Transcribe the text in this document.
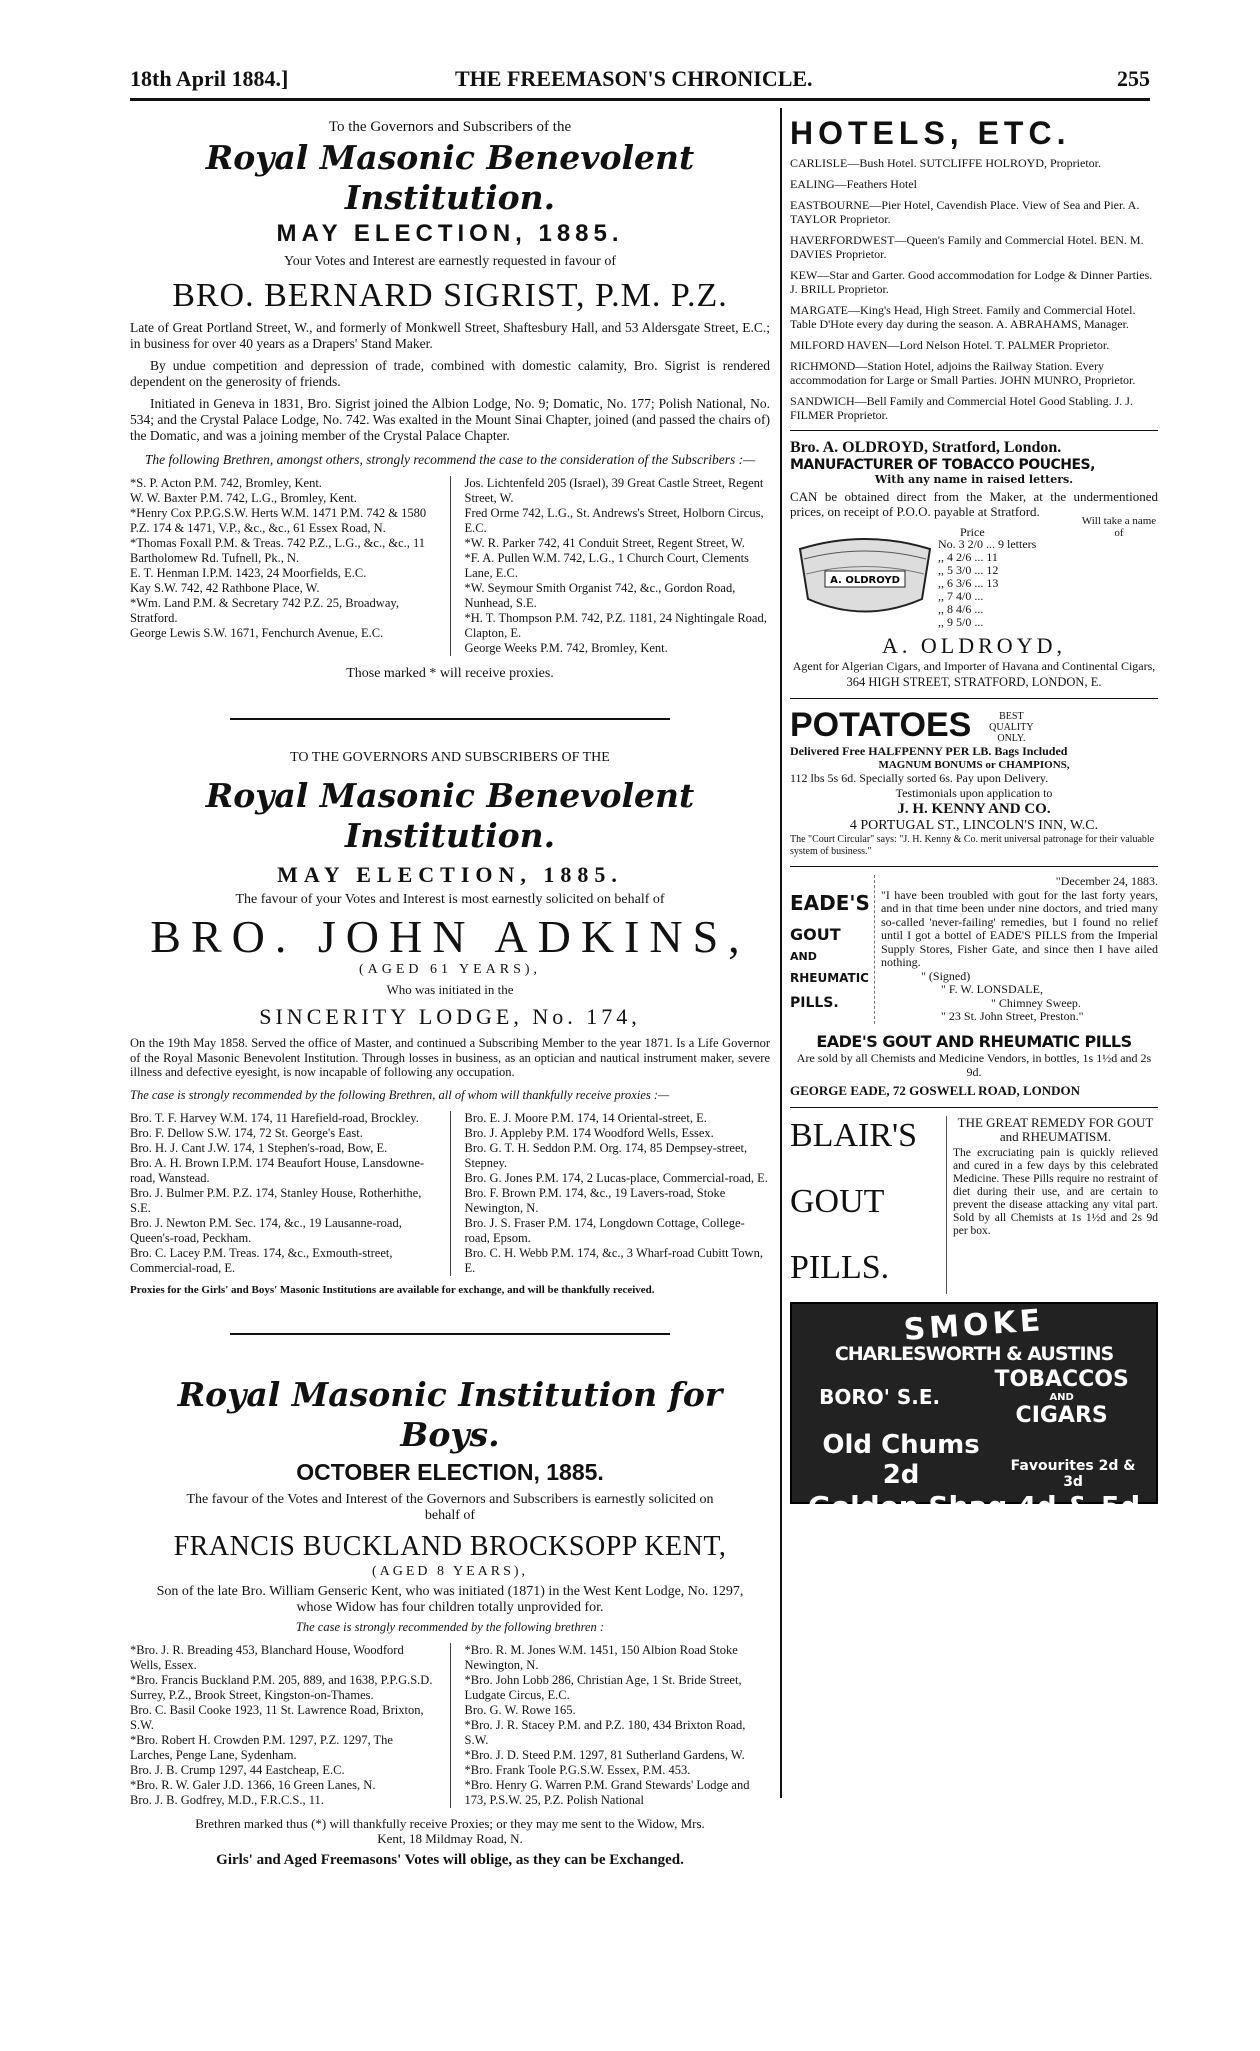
18th April 1884.]	THE FREEMASON'S CHRONICLE.	255

To the Governors and Subscribers of the

Royal Masonic Benevolent Institution.

MAY ELECTION, 1885.

Your Votes and Interest are earnestly requested in favour of

BRO. BERNARD SIGRIST, P.M. P.Z.

Late of Great Portland Street, W., and formerly of Monkwell Street, Shaftesbury Hall, and 53 Aldersgate Street, E.C.; in business for over 40 years as a Drapers' Stand Maker.

By undue competition and depression of trade, combined with domestic calamity, Bro. Sigrist is rendered dependent on the generosity of friends.

Initiated in Geneva in 1831, Bro. Sigrist joined the Albion Lodge, No. 9; Domatic, No. 177; Polish National, No. 534; and the Crystal Palace Lodge, No. 742. Was exalted in the Mount Sinai Chapter, joined (and passed the chairs of) the Domatic, and was a joining member of the Crystal Palace Chapter.

The following Brethren, amongst others, strongly recommend the case to the consideration of the Subscribers :—

*S. P. Acton P.M. 742, Bromley, Kent.

W. W. Baxter P.M. 742, L.G., Bromley, Kent.

*Henry Cox P.P.G.S.W. Herts W.M. 1471 P.M. 742 & 1580 P.Z. 174 & 1471, V.P., &c., &c., 61 Essex Road, N.

*Thomas Foxall P.M. & Treas. 742 P.Z., L.G., &c., &c., 11 Bartholomew Rd. Tufnell, Pk., N.

E. T. Henman I.P.M. 1423, 24 Moorfields, E.C.

Kay S.W. 742, 42 Rathbone Place, W.

*Wm. Land P.M. & Secretary 742 P.Z. 25, Broadway, Stratford.

George Lewis S.W. 1671, Fenchurch Avenue, E.C.

Jos. Lichtenfeld 205 (Israel), 39 Great Castle Street, Regent Street, W.

Fred Orme 742, L.G., St. Andrews's Street, Holborn Circus, E.C.

*W. R. Parker 742, 41 Conduit Street, Regent Street, W.

*F. A. Pullen W.M. 742, L.G., 1 Church Court, Clements Lane, E.C.

*W. Seymour Smith Organist 742, &c., Gordon Road, Nunhead, S.E.

*H. T. Thompson P.M. 742, P.Z. 1181, 24 Nightingale Road, Clapton, E.

George Weeks P.M. 742, Bromley, Kent.

Those marked * will receive proxies.

TO THE GOVERNORS AND SUBSCRIBERS OF THE

Royal Masonic Benevolent Institution.

MAY ELECTION, 1885.

The favour of your Votes and Interest is most earnestly solicited on behalf of

BRO. JOHN ADKINS,

(AGED 61 YEARS),

Who was initiated in the

SINCERITY LODGE, No. 174,

On the 19th May 1858. Served the office of Master, and continued a Subscribing Member to the year 1871. Is a Life Governor of the Royal Masonic Benevolent Institution. Through losses in business, as an optician and nautical instrument maker, severe illness and defective eyesight, is now incapable of following any occupation.

The case is strongly recommended by the following Brethren, all of whom will thankfully receive proxies :—

Bro. T. F. Harvey W.M. 174, 11 Harefield-road, Brockley.

Bro. F. Dellow S.W. 174, 72 St. George's East.

Bro. H. J. Cant J.W. 174, 1 Stephen's-road, Bow, E.

Bro. A. H. Brown I.P.M. 174 Beaufort House, Lansdowne-road, Wanstead.

Bro. J. Bulmer P.M. P.Z. 174, Stanley House, Rotherhithe, S.E.

Bro. J. Newton P.M. Sec. 174, &c., 19 Lausanne-road, Queen's-road, Peckham.

Bro. C. Lacey P.M. Treas. 174, &c., Exmouth-street, Commercial-road, E.

Bro. E. J. Moore P.M. 174, 14 Oriental-street, E.

Bro. J. Appleby P.M. 174 Woodford Wells, Essex.

Bro. G. T. H. Seddon P.M. Org. 174, 85 Dempsey-street, Stepney.

Bro. G. Jones P.M. 174, 2 Lucas-place, Commercial-road, E.

Bro. F. Brown P.M. 174, &c., 19 Lavers-road, Stoke Newington, N.

Bro. J. S. Fraser P.M. 174, Longdown Cottage, College-road, Epsom.

Bro. C. H. Webb P.M. 174, &c., 3 Wharf-road Cubitt Town, E.

Proxies for the Girls' and Boys' Masonic Institutions are available for exchange, and will be thankfully received.

Royal Masonic Institution for Boys.

OCTOBER ELECTION, 1885.

The favour of the Votes and Interest of the Governors and Subscribers is earnestly solicited on behalf of

FRANCIS BUCKLAND BROCKSOPP KENT,

(AGED 8 YEARS),

Son of the late Bro. William Genseric Kent, who was initiated (1871) in the West Kent Lodge, No. 1297, whose Widow has four children totally unprovided for.

The case is strongly recommended by the following brethren :

*Bro. J. R. Breading 453, Blanchard House, Woodford Wells, Essex.

*Bro. Francis Buckland P.M. 205, 889, and 1638, P.P.G.S.D. Surrey, P.Z., Brook Street, Kingston-on-Thames.

Bro. C. Basil Cooke 1923, 11 St. Lawrence Road, Brixton, S.W.

*Bro. Robert H. Crowden P.M. 1297, P.Z. 1297, The Larches, Penge Lane, Sydenham.

Bro. J. B. Crump 1297, 44 Eastcheap, E.C.

*Bro. R. W. Galer J.D. 1366, 16 Green Lanes, N.

Bro. J. B. Godfrey, M.D., F.R.C.S., 11.

*Bro. R. M. Jones W.M. 1451, 150 Albion Road Stoke Newington, N.

*Bro. John Lobb 286, Christian Age, 1 St. Bride Street, Ludgate Circus, E.C.

Bro. G. W. Rowe 165.

*Bro. J. R. Stacey P.M. and P.Z. 180, 434 Brixton Road, S.W.

*Bro. J. D. Steed P.M. 1297, 81 Sutherland Gardens, W.

*Bro. Frank Toole P.G.S.W. Essex, P.M. 453.

*Bro. Henry G. Warren P.M. Grand Stewards' Lodge and 173, P.S.W. 25, P.Z. Polish National

Brethren marked thus (*) will thankfully receive Proxies; or they may me sent to the Widow, Mrs. Kent, 18 Mildmay Road, N.

Girls' and Aged Freemasons' Votes will oblige, as they can be Exchanged.

HOTELS, ETC.

CARLISLE—Bush Hotel. SUTCLIFFE HOLROYD, Proprietor.

EALING—Feathers Hotel

EASTBOURNE—Pier Hotel, Cavendish Place. View of Sea and Pier. A. TAYLOR Proprietor.

HAVERFORDWEST—Queen's Family and Commercial Hotel. BEN. M. DAVIES Proprietor.

KEW—Star and Garter. Good accommodation for Lodge & Dinner Parties. J. BRILL Proprietor.

MARGATE—King's Head, High Street. Family and Commercial Hotel. Table D'Hote every day during the season. A. ABRAHAMS, Manager.

MILFORD HAVEN—Lord Nelson Hotel. T. PALMER Proprietor.

RICHMOND—Station Hotel, adjoins the Railway Station. Every accommodation for Large or Small Parties. JOHN MUNRO, Proprietor.

SANDWICH—Bell Family and Commercial Hotel Good Stabling. J. J. FILMER Proprietor.

Bro. A. OLDROYD, Stratford, London.

MANUFACTURER OF TOBACCO POUCHES,

With any name in raised letters.

CAN be obtained direct from the Maker, at the undermentioned prices, on receipt of P.O.O. payable at Stratford.

A. OLDROYD
Price
Will take a name of

No. 3 2/0 ... 9 letters

,, 4 2/6 ... 11

,, 5 3/0 ... 12

,, 6 3/6 ... 13

,, 7 4/0 ...

,, 8 4/6 ...

,, 9 5/0 ...

A. OLDROYD,

Agent for Algerian Cigars, and Importer of Havana and Continental Cigars,

364 HIGH STREET, STRATFORD, LONDON, E.

POTATOES	BEST QUALITY ONLY.

Delivered Free HALFPENNY PER LB. Bags Included

MAGNUM BONUMS or CHAMPIONS,

112 lbs 5s 6d. Specially sorted 6s. Pay upon Delivery.

Testimonials upon application to

J. H. KENNY AND CO.

4 PORTUGAL ST., LINCOLN'S INN, W.C.

The "Court Circular" says: "J. H. Kenny & Co. merit universal patronage for their valuable system of business."

EADE'S

GOUT

AND

RHEUMATIC

PILLS.

"December 24, 1883.

"I have been troubled with gout for the last forty years, and in that time been under nine doctors, and tried many so-called 'never-failing' remedies, but I found no relief until I got a bottel of EADE'S PILLS from the Imperial Supply Stores, Fisher Gate, and since then I have ailed nothing.

" (Signed)

" F. W. LONSDALE,

" Chimney Sweep.

" 23 St. John Street, Preston."

EADE'S GOUT AND RHEUMATIC PILLS

Are sold by all Chemists and Medicine Vendors, in bottles, 1s 1½d and 2s 9d.

GEORGE EADE, 72 GOSWELL ROAD, LONDON

BLAIR'S

GOUT

PILLS.

THE GREAT REMEDY FOR GOUT and RHEUMATISM.

The excruciating pain is quickly relieved and cured in a few days by this celebrated Medicine. These Pills require no restraint of diet during their use, and are certain to prevent the disease attacking any vital part. Sold by all Chemists at 1s 1½d and 2s 9d per box.

SMOKE
CHARLESWORTH & AUSTINS
BORO' S.E.
TOBACCOS
AND
CIGARS
Old Chums 2d	Favourites 2d & 3d
Golden Shag 4d & 5d
